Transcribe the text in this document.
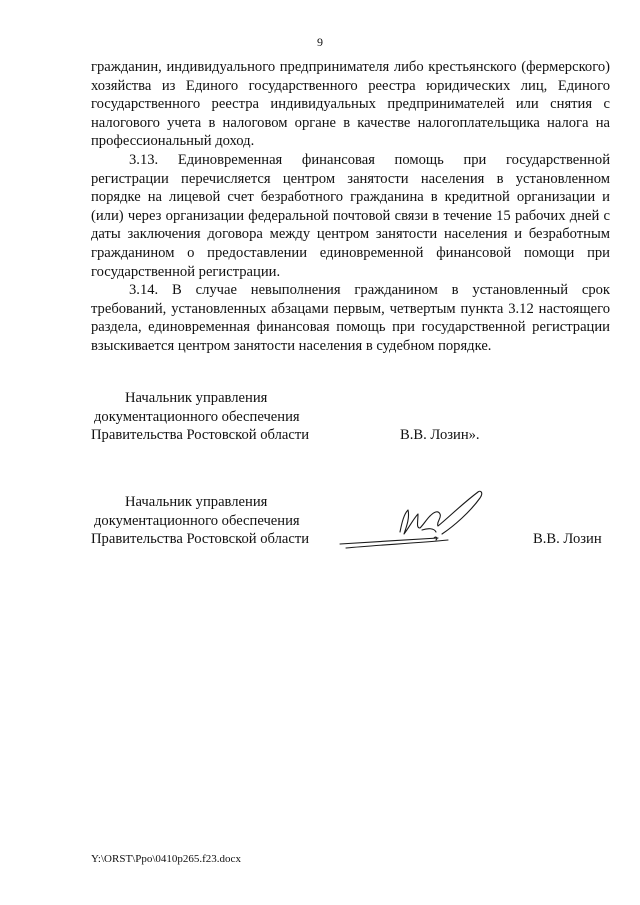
9

гражданин, индивидуального предпринимателя либо крестьянского (фермерского) хозяйства из Единого государственного реестра юридических лиц, Единого государственного реестра индивидуальных предпринимателей или снятия с налогового учета в налоговом органе в качестве налогоплательщика налога на профессиональный доход.

3.13. Единовременная финансовая помощь при государственной регистрации перечисляется центром занятости населения в установленном порядке на лицевой счет безработного гражданина в кредитной организации и (или) через организации федеральной почтовой связи в течение 15 рабочих дней с даты заключения договора между центром занятости населения и безработным гражданином о предоставлении единовременной финансовой помощи при государственной регистрации.

3.14. В случае невыполнения гражданином в установленный срок требований, установленных абзацами первым, четвертым пункта 3.12 настоящего раздела, единовременная финансовая помощь при государственной регистрации взыскивается центром занятости населения в судебном порядке.

Начальник управления
документационного обеспечения
Правительства Ростовской области	В.В. Лозин».
Начальник управления
документационного обеспечения
Правительства Ростовской области	В.В. Лозин
Y:\ORST\Ppo\0410p265.f23.docx
